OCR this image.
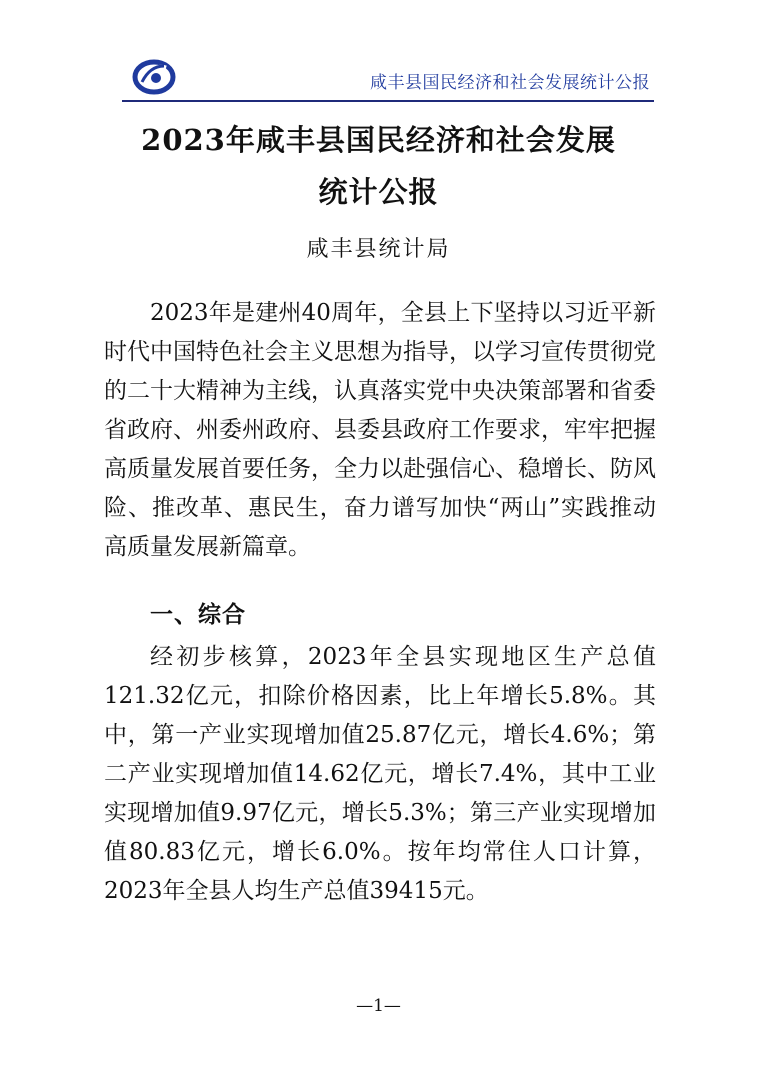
咸丰县国民经济和社会发展统计公报
2023年咸丰县国民经济和社会发展
统计公报
咸丰县统计局

2023年是建州40周年，全县上下坚持以习近平新时代中国特色社会主义思想为指导，以学习宣传贯彻党的二十大精神为主线，认真落实党中央决策部署和省委省政府、州委州政府、县委县政府工作要求，牢牢把握高质量发展首要任务，全力以赴强信心、稳增长、防风险、推改革、惠民生，奋力谱写加快“两山”实践推动高质量发展新篇章。

一、综合

经初步核算，2023年全县实现地区生产总值121.32亿元，扣除价格因素，比上年增长5.8%。其中，第一产业实现增加值25.87亿元，增长4.6%；第二产业实现增加值14.62亿元，增长7.4%，其中工业实现增加值9.97亿元，增长5.3%；第三产业实现增加值80.83亿元，增长6.0%。按年均常住人口计算，2023年全县人均生产总值39415元。

—1—
